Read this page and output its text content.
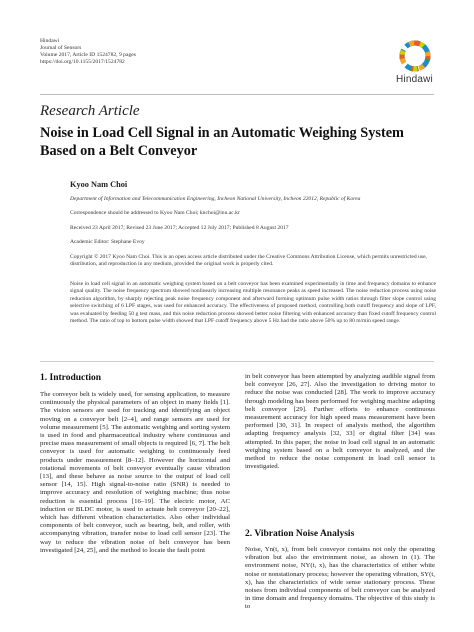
Hindawi
Journal of Sensors
Volume 2017, Article ID 1524782, 9 pages
https://doi.org/10.1155/2017/1524782
Hindawi
Research Article
Noise in Load Cell Signal in an Automatic Weighing System Based on a Belt Conveyor
Kyoo Nam Choi
Department of Information and Telecommunication Engineering, Incheon National University, Incheon 22012, Republic of Korea
Correspondence should be addressed to Kyoo Nam Choi; knchoi@inu.ac.kr
Received 23 April 2017; Revised 23 June 2017; Accepted 12 July 2017; Published 8 August 2017
Academic Editor: Stephane Evoy
Copyright © 2017 Kyoo Nam Choi. This is an open access article distributed under the Creative Commons Attribution License, which permits unrestricted use, distribution, and reproduction in any medium, provided the original work is properly cited.
Noise in load cell signal in an automatic weighing system based on a belt conveyor has been examined experimentally in time and frequency domains to enhance signal quality. The noise frequency spectrum showed nonlinearly increasing multiple resonance peaks as speed increased. The noise reduction process using noise reduction algorithm, by sharply rejecting peak noise frequency component and afterward forming optimum pulse width ratios through filter slope control using selective switching of 6 LPF stages, was used for enhanced accuracy. The effectiveness of proposed method, controlling both cutoff frequency and slope of LPF, was evaluated by feeding 50 g test mass, and this noise reduction process showed better noise filtering with enhanced accuracy than fixed cutoff frequency control method. The ratio of top to bottom pulse width showed that LPF cutoff frequency above 5 Hz had the ratio above 50% up to 80 m/min speed range.
1. Introduction
The conveyor belt is widely used, for sensing application, to measure continuously the physical parameters of an object in many fields [1]. The vision sensors are used for tracking and identifying an object moving on a conveyor belt [2–4], and range sensors are used for volume measurement [5]. The automatic weighing and sorting system is used in food and pharmaceutical industry where continuous and precise mass measurement of small objects is required [6, 7]. The belt conveyor is used for automatic weighing to continuously feed products under measurement [8–12]. However the horizontal and rotational movements of belt conveyor eventually cause vibration [13], and these behave as noise source to the output of load cell sensor [14, 15]. High signal-to-noise ratio (SNR) is needed to improve accuracy and resolution of weighing machine; thus noise reduction is essential process [16–19]. The electric motor, AC induction or BLDC motor, is used to actuate belt conveyor [20–22], which has different vibration characteristics. Also other individual components of belt conveyor, such as bearing, belt, and roller, with accompanying vibration, transfer noise to load cell sensor [23]. The way to reduce the vibration noise of belt conveyor has been investigated [24, 25], and the method to locate the fault point
in belt conveyor has been attempted by analyzing audible signal from belt conveyor [26, 27]. Also the investigation to driving motor to reduce the noise was conducted [28]. The work to improve accuracy through modeling has been performed for weighing machine adapting belt conveyor [29]. Further efforts to enhance continuous measurement accuracy for high speed mass measurement have been performed [30, 31]. In respect of analysis method, the algorithm adapting frequency analysis [32, 33] or digital filter [34] was attempted. In this paper, the noise in load cell signal in an automatic weighing system based on a belt conveyor is analyzed, and the method to reduce the noise component in load cell sensor is investigated.
2. Vibration Noise Analysis
Noise, Yn(t, x), from belt conveyor contains not only the operating vibration but also the environment noise, as shown in (1). The environment noise, NY(t, x), has the characteristics of either white noise or nonstationary process; however the operating vibration, SY(t, x), has the characteristics of wide sense stationary process. These noises from individual components of belt conveyor can be analyzed in time domain and frequency domains. The objective of this study is to
